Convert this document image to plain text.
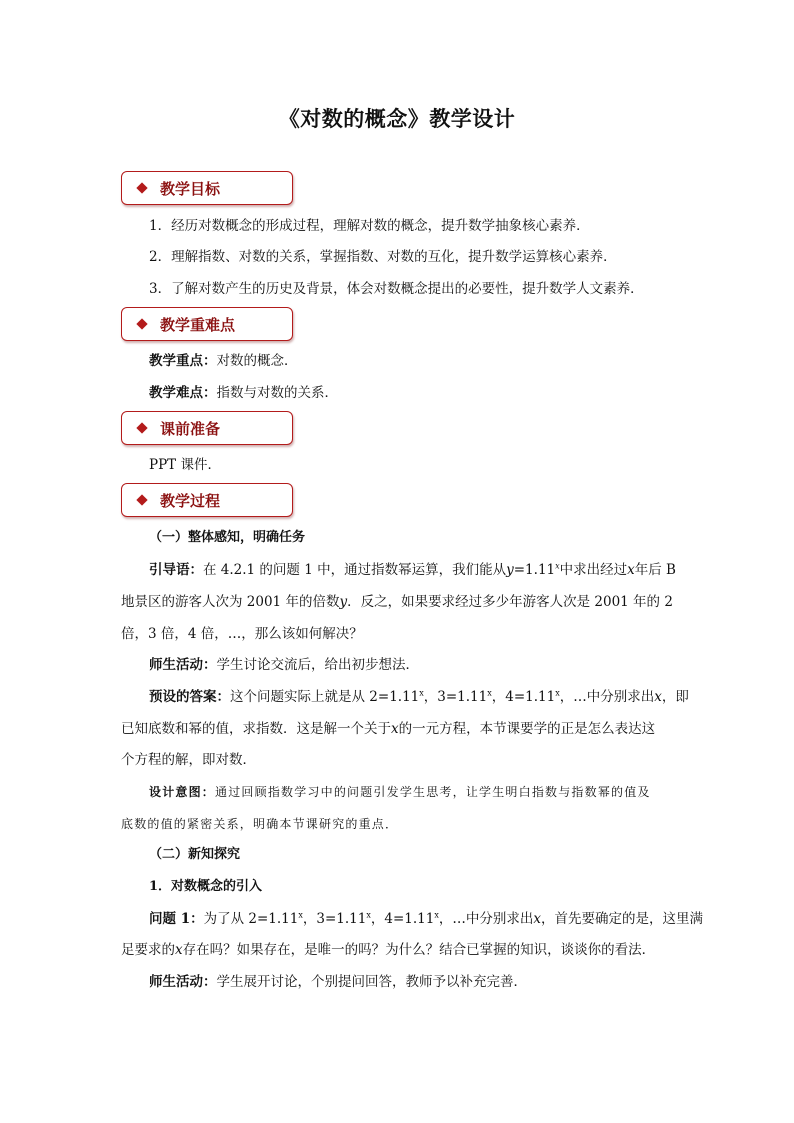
《对数的概念》教学设计
教学目标
1．经历对数概念的形成过程，理解对数的概念，提升数学抽象核心素养．
2．理解指数、对数的关系，掌握指数、对数的互化，提升数学运算核心素养．
3．了解对数产生的历史及背景，体会对数概念提出的必要性，提升数学人文素养．
教学重难点
教学重点：对数的概念．
教学难点：指数与对数的关系．
课前准备
PPT 课件．
教学过程
（一）整体感知，明确任务
引导语：在 4.2.1 的问题 1 中，通过指数幂运算，我们能从$y=1.11^x$中求出经过x年后 B
地景区的游客人次为 2001 年的倍数y．反之，如果要求经过多少年游客人次是 2001 年的 2
倍，3 倍，4 倍，…，那么该如何解决？
师生活动：学生讨论交流后，给出初步想法．
预设的答案：这个问题实际上就是从 $2=1.11^x$，$3=1.11^x$，$4=1.11^x$，…中分别求出x，即
已知底数和幂的值，求指数．这是解一个关于x的一元方程，本节课要学的正是怎么表达这
个方程的解，即对数．
设计意图：通过回顾指数学习中的问题引发学生思考，让学生明白指数与指数幂的值及
底数的值的紧密关系，明确本节课研究的重点．
（二）新知探究
1．对数概念的引入
问题 1：为了从 $2=1.11^x$，$3=1.11^x$，$4=1.11^x$，…中分别求出x，首先要确定的是，这里满
足要求的x存在吗？如果存在，是唯一的吗？为什么？结合已掌握的知识，谈谈你的看法．
师生活动：学生展开讨论，个别提问回答，教师予以补充完善．
